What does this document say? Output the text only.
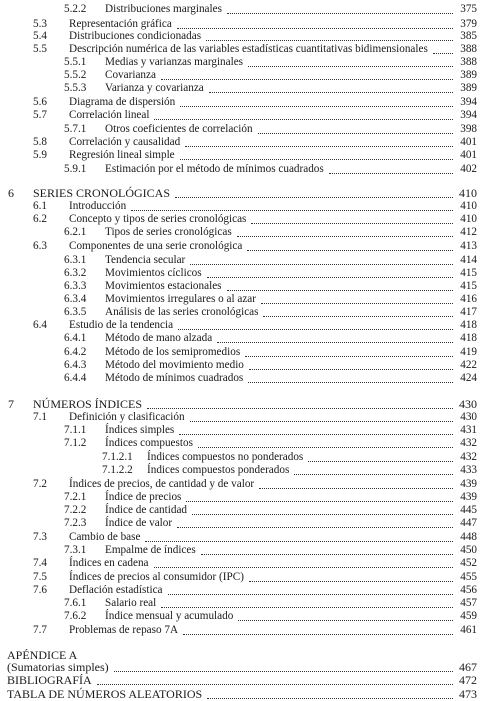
5.2.2 Distribuciones marginales	375
5.3 Representación gráfica	379
5.4 Distribuciones condicionadas	385
5.5 Descripción numérica de las variables estadísticas cuantitativas bidimensionales	388
5.5.1 Medias y varianzas marginales	388
5.5.2 Covarianza	389
5.5.3 Varianza y covarianza	389
5.6 Diagrama de dispersión	394
5.7 Correlación lineal	394
5.7.1 Otros coeficientes de correlación	398
5.8 Correlación y causalidad	401
5.9 Regresión lineal simple	401
5.9.1 Estimación por el método de mínimos cuadrados	402
6 SERIES CRONOLÓGICAS	410
6.1 Introducción	410
6.2 Concepto y tipos de series cronológicas	410
6.2.1 Tipos de series cronológicas	412
6.3 Componentes de una serie cronológica	413
6.3.1 Tendencia secular	414
6.3.2 Movimientos cíclicos	415
6.3.3 Movimientos estacionales	415
6.3.4 Movimientos irregulares o al azar	416
6.3.5 Análisis de las series cronológicas	417
6.4 Estudio de la tendencia	418
6.4.1 Método de mano alzada	418
6.4.2 Método de los semipromedios	419
6.4.3 Método del movimiento medio	422
6.4.4 Método de mínimos cuadrados	424
7 NÚMEROS ÍNDICES	430
7.1 Definición y clasificación	430
7.1.1 Índices simples	431
7.1.2 Índices compuestos	432
7.1.2.1 Índices compuestos no ponderados	432
7.1.2.2 Índices compuestos ponderados	433
7.2 Índices de precios, de cantidad y de valor	439
7.2.1 Índice de precios	439
7.2.2 Índice de cantidad	445
7.2.3 Índice de valor	447
7.3 Cambio de base	448
7.3.1 Empalme de índices	450
7.4 Índices en cadena	452
7.5 Índices de precios al consumidor (IPC)	455
7.6 Deflación estadística	456
7.6.1 Salario real	457
7.6.2 Índice mensual y acumulado	459
7.7 Problemas de repaso 7A	461
APÉNDICE A
(Sumatorias simples)	467
BIBLIOGRAFÍA	472
TABLA DE NÚMEROS ALEATORIOS	473
